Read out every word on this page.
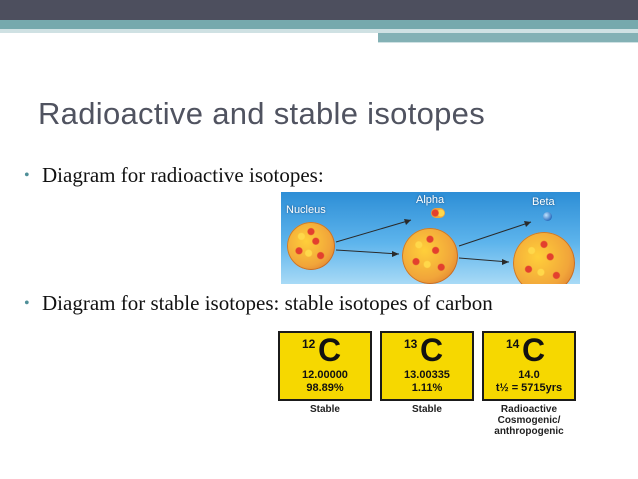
Radioactive and stable isotopes
• Diagram for radioactive isotopes:
Nucleus
Alpha	Beta
• Diagram for stable isotopes: stable isotopes of carbon
12 C
12.00000
98.89%
Stable
13 C
13.00335
1.11%
Stable
14 C
14.0
t½ = 5715yrs
Radioactive
Cosmogenic/
anthropogenic
